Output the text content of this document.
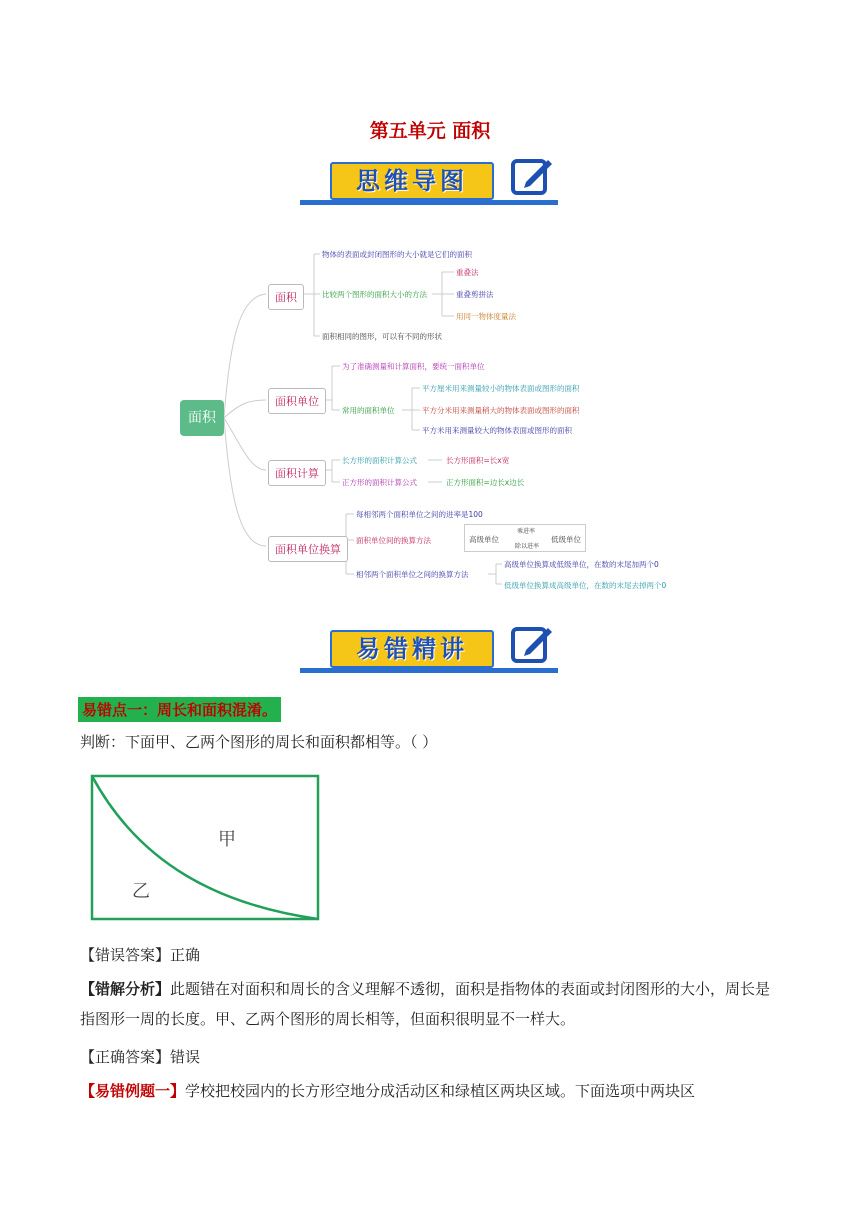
第五单元 面积
思维导图
面积
面积
物体的表面或封闭图形的大小就是它们的面积
比较两个图形的面积大小的方法
重叠法
重叠剪拼法
用同一物体度量法
面积相同的图形，可以有不同的形状
面积单位
为了准确测量和计算面积，要统一面积单位
常用的面积单位
平方厘米用来测量较小的物体表面或图形的面积
平方分米用来测量稍大的物体表面或图形的面积
平方米用来测量较大的物体表面或图形的面积
面积计算
长方形的面积计算公式	长方形面积=长x宽
正方形的面积计算公式	正方形面积=边长x边长
面积单位换算
每相邻两个面积单位之间的进率是100
面积单位间的换算方法	高级单位
乘进率
除以进率
低级单位
相邻两个面积单位之间的换算方法
高级单位换算成低级单位，在数的末尾加两个0
低级单位换算成高级单位，在数的末尾去掉两个0
易错精讲
易错点一：周长和面积混淆。
判断：下面甲、乙两个图形的周长和面积都相等。（ ）
甲
乙
【错误答案】正确
【错解分析】此题错在对面积和周长的含义理解不透彻，面积是指物体的表面或封闭图形的大小，周长是指图形一周的长度。甲、乙两个图形的周长相等，但面积很明显不一样大。
【正确答案】错误
【易错例题一】学校把校园内的长方形空地分成活动区和绿植区两块区域。下面选项中两块区
